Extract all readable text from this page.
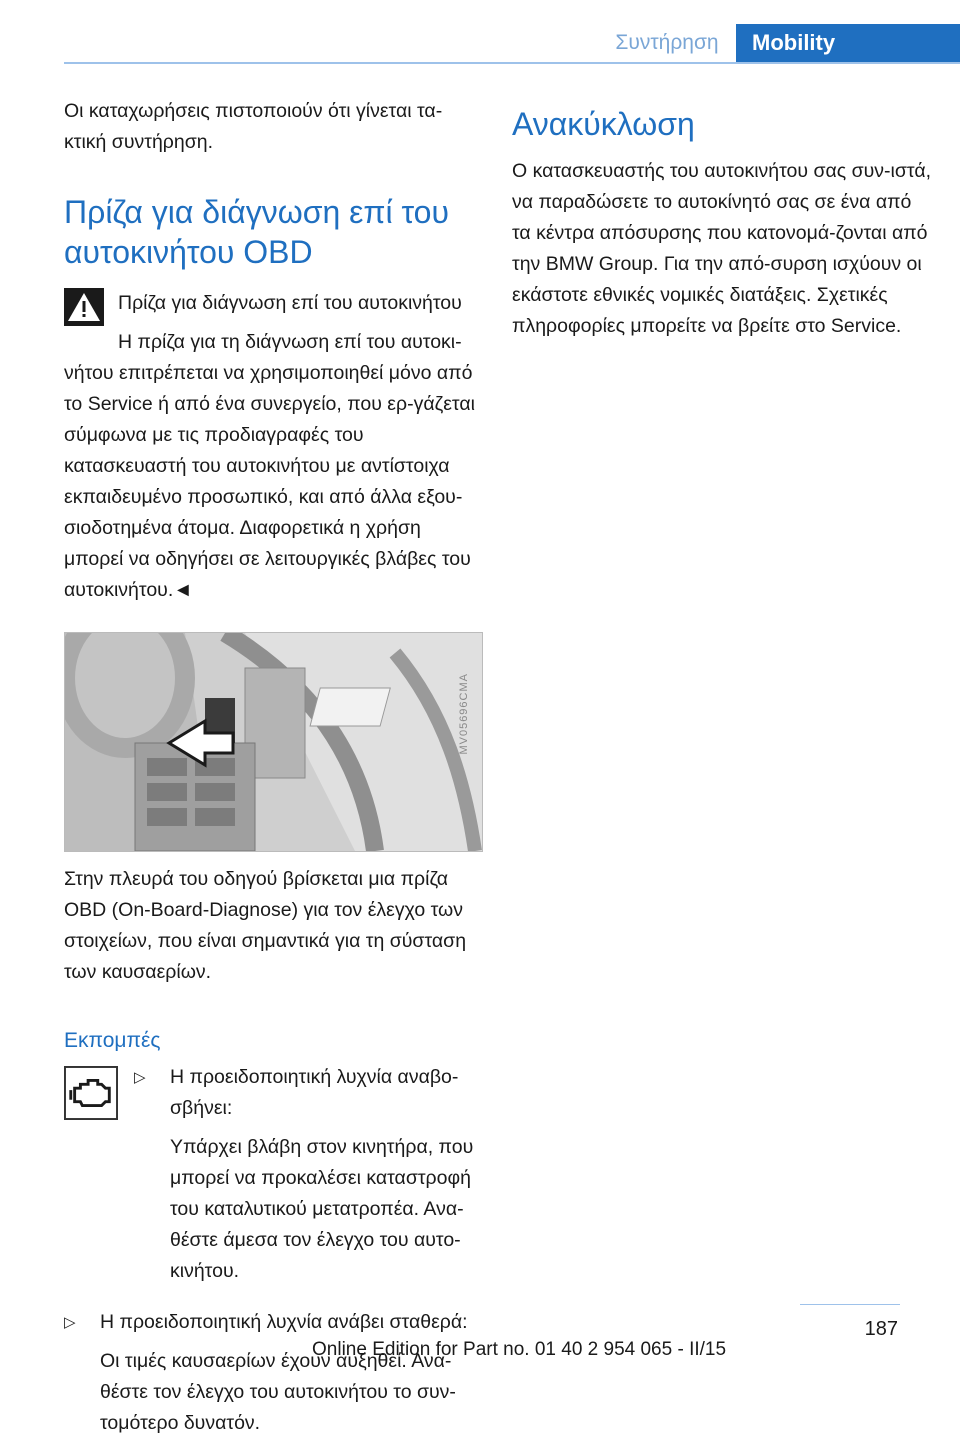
Συντήρηση	Mobility

Οι καταχωρήσεις πιστοποιούν ότι γίνεται τα-κτική συντήρηση.

Πρίζα για διάγνωση επί του αυτοκινήτου OBD
Πρίζα για διάγνωση επί του αυτοκινήτου

Η πρίζα για τη διάγνωση επί του αυτοκι-νήτου επιτρέπεται να χρησιμοποιηθεί μόνο από το Service ή από ένα συνεργείο, που ερ-γάζεται σύμφωνα με τις προδιαγραφές του κατασκευαστή του αυτοκινήτου με αντίστοιχα εκπαιδευμένο προσωπικό, και από άλλα εξου-σιοδοτημένα άτομα. Διαφορετικά η χρήση μπορεί να οδηγήσει σε λειτουργικές βλάβες του αυτοκινήτου.◄

MV05696CMA

Στην πλευρά του οδηγού βρίσκεται μια πρίζα OBD (On-Board-Diagnose) για τον έλεγχο των στοιχείων, που είναι σημαντικά για τη σύσταση των καυσαερίων.

Εκπομπές
▷ Η προειδοποιητική λυχνία αναβο-σβήνει:

Υπάρχει βλάβη στον κινητήρα, που μπορεί να προκαλέσει καταστροφή του καταλυτικού μετατροπέα. Ανα-θέστε άμεσα τον έλεγχο του αυτο-κινήτου.

▷ Η προειδοποιητική λυχνία ανάβει σταθερά:

Οι τιμές καυσαερίων έχουν αυξηθεί. Ανα-θέστε τον έλεγχο του αυτοκινήτου το συν-τομότερο δυνατόν.

Ανακύκλωση

Ο κατασκευαστής του αυτοκινήτου σας συν-ιστά, να παραδώσετε το αυτοκίνητό σας σε ένα από τα κέντρα απόσυρσης που κατονομά-ζονται από την BMW Group. Για την από-συρση ισχύουν οι εκάστοτε εθνικές νομικές διατάξεις. Σχετικές πληροφορίες μπορείτε να βρείτε στο Service.

187
Online Edition for Part no. 01 40 2 954 065 - II/15
